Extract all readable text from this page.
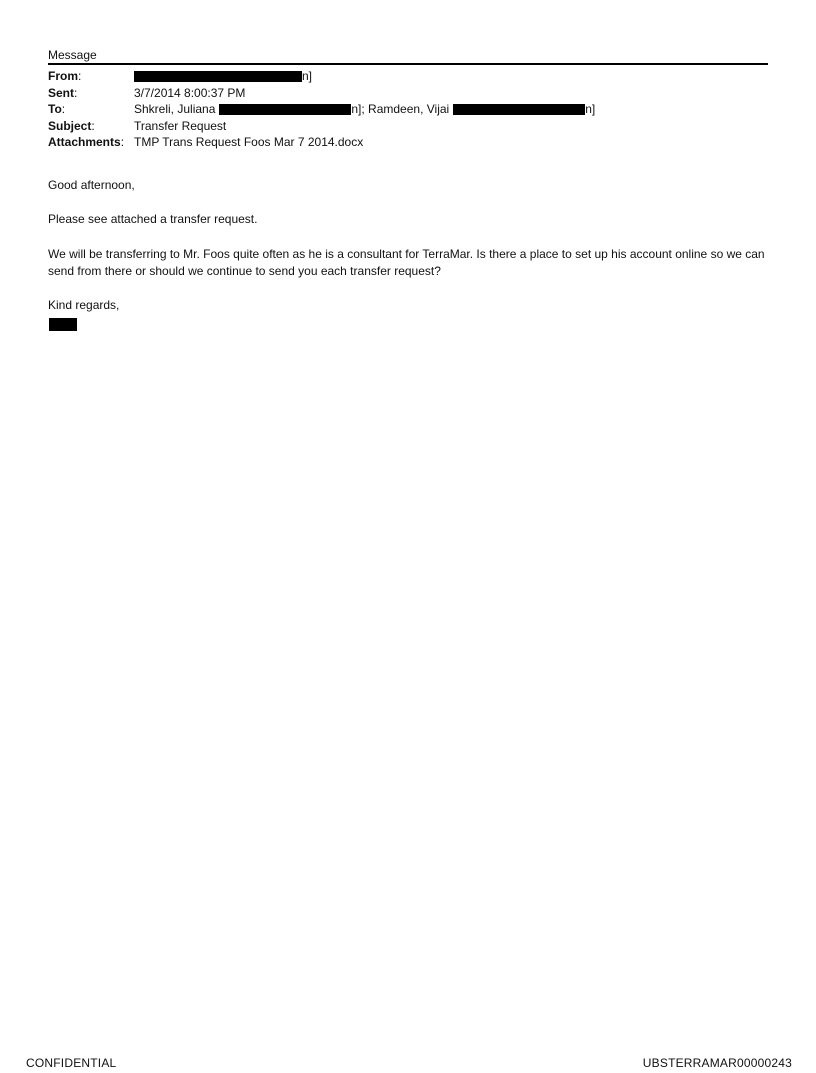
Message
From:	n]
Sent:	3/7/2014 8:00:37 PM
To:	Shkreli, Juliana	n]; Ramdeen, Vijai	n]
Subject:	Transfer Request
Attachments: TMP Trans Request Foos Mar 7 2014.docx

Good afternoon,

Please see attached a transfer request.

We will be transferring to Mr. Foos quite often as he is a consultant for TerraMar. Is there a place to set up his account online so we can send from there or should we continue to send you each transfer request?

Kind regards,

CONFIDENTIAL	UBSTERRAMAR00000243
